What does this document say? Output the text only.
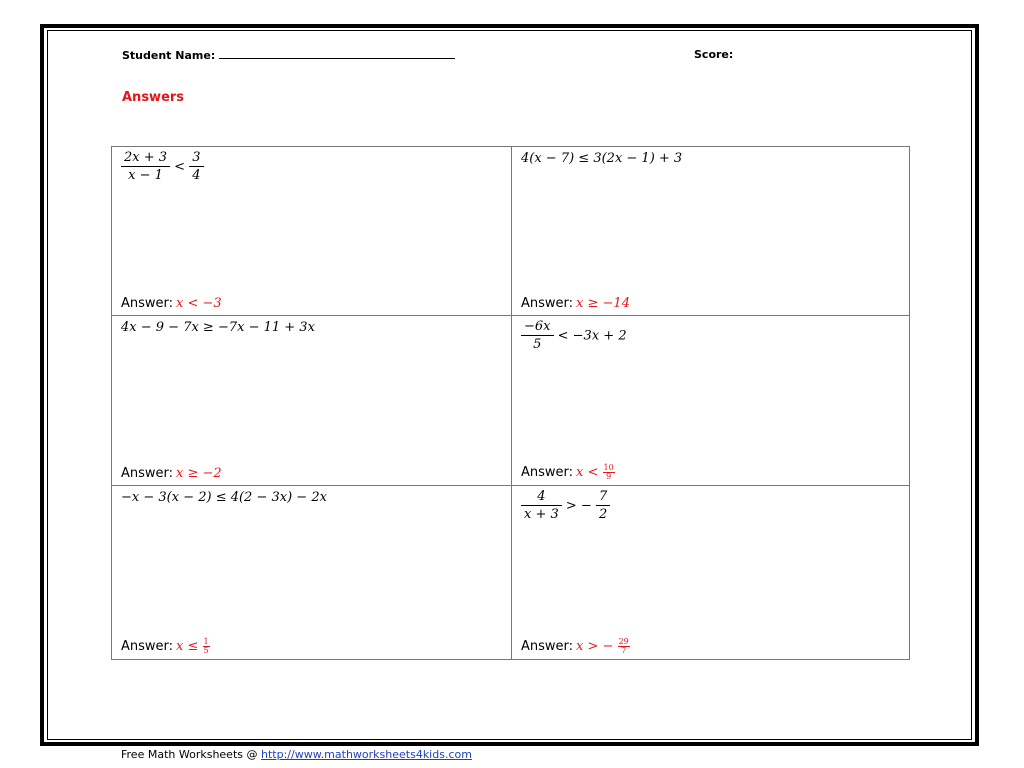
Student Name:	Score:
Answers
$\frac{2x + 3}{x - 1} < \frac{3}{4}$
Answer: x < −3
4(x − 7) ≤ 3(2x − 1) + 3
Answer: x ≥ −14
4x − 9 − 7x ≥ −7x − 11 + 3x
Answer: x ≥ −2
$\frac{-6x}{5} < -3x + 2$
Answer: $x < \frac{10}{9}$
−x − 3(x − 2) ≤ 4(2 − 3x) − 2x
Answer: $x \le \frac{1}{5}$
$\frac{4}{x + 3}$ > − $\frac{7}{2}$
Answer: x > − $\frac{29}{7}$
Free Math Worksheets @ http://www.mathworksheets4kids.com
